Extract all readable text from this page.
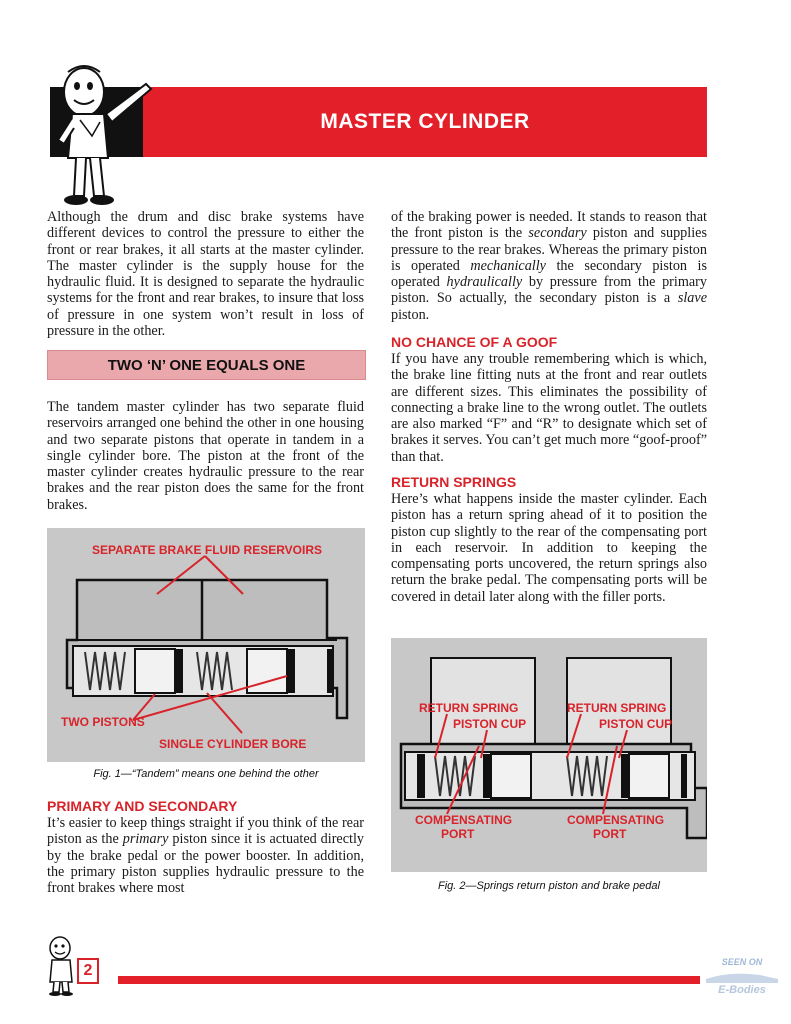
MASTER CYLINDER

Although the drum and disc brake systems have different devices to control the pressure to either the front or rear brakes, it all starts at the master cylinder. The master cylinder is the supply house for the hydraulic fluid. It is designed to separate the hydraulic systems for the front and rear brakes, to insure that loss of pressure in one system won’t result in loss of pressure in the other.

TWO ‘N’ ONE EQUALS ONE

The tandem master cylinder has two separate fluid reservoirs arranged one behind the other in one housing and two separate pistons that operate in tandem in a single cylinder bore. The piston at the front of the master cylinder creates hydraulic pressure to the rear brakes and the rear piston does the same for the front brakes.

SEPARATE BRAKE FLUID RESERVOIRS
TWO PISTONS
SINGLE CYLINDER BORE
Fig. 1—“Tandem” means one behind the other
PRIMARY AND SECONDARY

It’s easier to keep things straight if you think of the rear piston as the primary piston since it is actuated directly by the brake pedal or the power booster. In addition, the primary piston supplies hydraulic pressure to the front brakes where most

of the braking power is needed. It stands to reason that the front piston is the secondary piston and supplies pressure to the rear brakes. Whereas the primary piston is operated mechanically the secondary piston is operated hydraulically by pressure from the primary piston. So actually, the secondary piston is a slave piston.

NO CHANCE OF A GOOF

If you have any trouble remembering which is which, the brake line fitting nuts at the front and rear outlets are different sizes. This eliminates the possibility of connecting a brake line to the wrong outlet. The outlets are also marked “F” and “R” to designate which set of brakes it serves. You can’t get much more “goof-proof” than that.

RETURN SPRINGS

Here’s what happens inside the master cylinder. Each piston has a return spring ahead of it to position the piston cup slightly to the rear of the compensating port in each reservoir. In addition to keeping the compensating ports uncovered, the return springs also return the brake pedal. The compensating ports will be covered in detail later along with the filler ports.

RETURN SPRING
PISTON CUP
RETURN SPRING
PISTON CUP
COMPENSATING
PORT
COMPENSATING
PORT
Fig. 2—Springs return piston and brake pedal
2	SEEN ON
E-Bodies
